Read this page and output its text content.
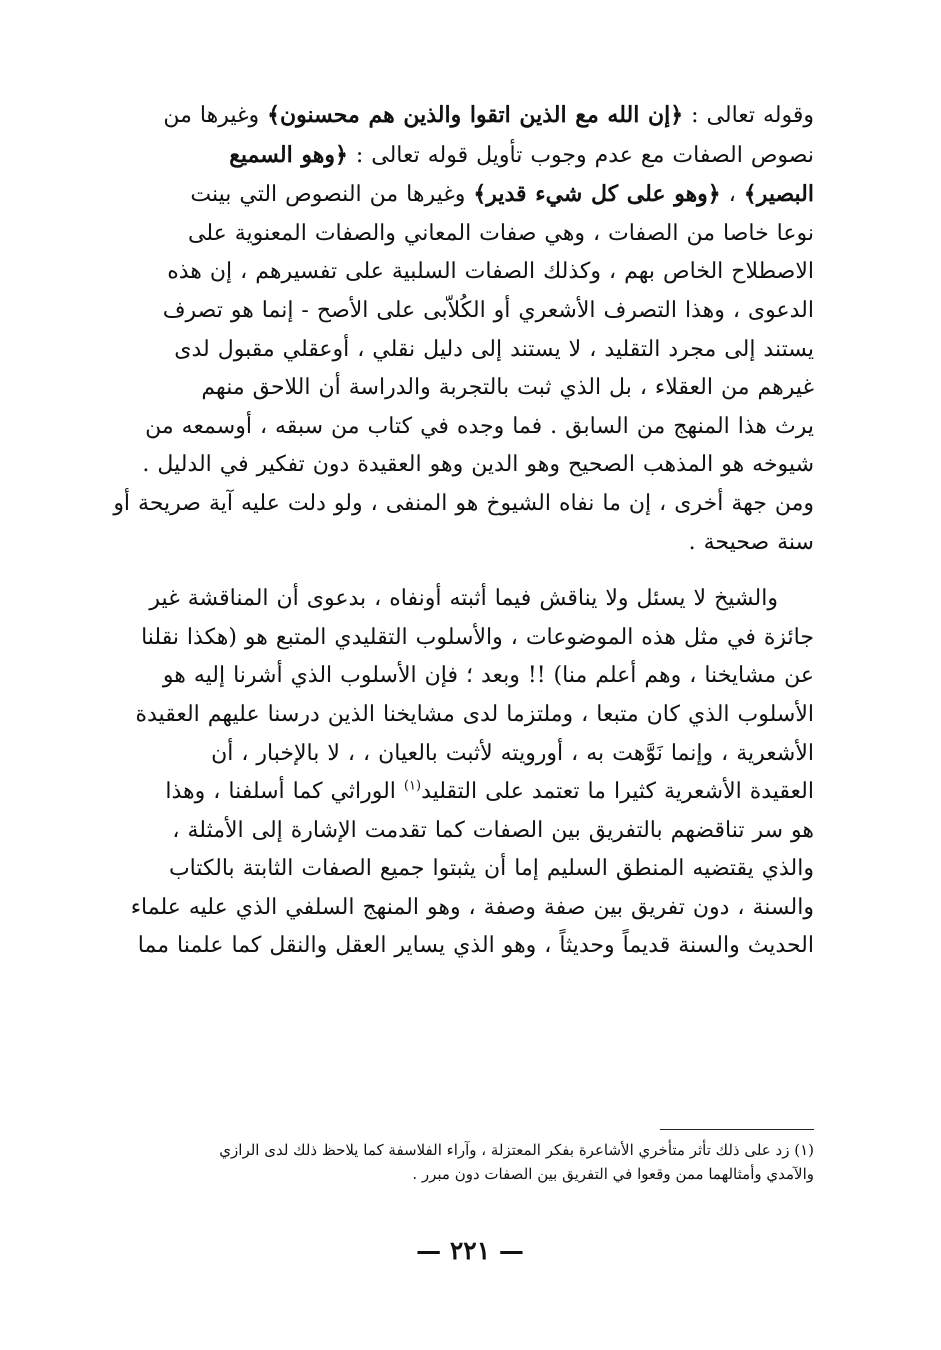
وقوله تعالى : ﴿إن الله مع الذين اتقوا والذين هم محسنون﴾ وغيرها من
نصوص الصفات مع عدم وجوب تأويل قوله تعالى : ﴿وهو السميع
البصير﴾ ، ﴿وهو على كل شيء قدير﴾ وغيرها من النصوص التي بينت
نوعا خاصا من الصفات ، وهي صفات المعاني والصفات المعنوية على
الاصطلاح الخاص بهم ، وكذلك الصفات السلبية على تفسيرهم ، إن هذه
الدعوى ، وهذا التصرف الأشعري أو الكُلاّبى على الأصح - إنما هو تصرف
يستند إلى مجرد التقليد ، لا يستند إلى دليل نقلي ، أوعقلي مقبول لدى
غيرهم من العقلاء ، بل الذي ثبت بالتجربة والدراسة أن اللاحق منهم
يرث هذا المنهج من السابق . فما وجده في كتاب من سبقه ، أوسمعه من
شيوخه هو المذهب الصحيح وهو الدين وهو العقيدة دون تفكير في الدليل .
ومن جهة أخرى ، إن ما نفاه الشيوخ هو المنفى ، ولو دلت عليه آية صريحة أو
سنة صحيحة .

والشيخ لا يسئل ولا يناقش فيما أثبته أونفاه ، بدعوى أن المناقشة غير
جائزة في مثل هذه الموضوعات ، والأسلوب التقليدي المتبع هو (هكذا نقلنا
عن مشايخنا ، وهم أعلم منا) !! وبعد ؛ فإن الأسلوب الذي أشرنا إليه هو
الأسلوب الذي كان متبعا ، وملتزما لدى مشايخنا الذين درسنا عليهم العقيدة
الأشعرية ، وإنما نَوَّهت به ، أورويته لأثبت بالعيان ، ، لا بالإخبار ، أن
العقيدة الأشعرية كثيرا ما تعتمد على التقليد$^{(١)}$ الوراثي كما أسلفنا ، وهذا
هو سر تناقضهم بالتفريق بين الصفات كما تقدمت الإشارة إلى الأمثلة ،
والذي يقتضيه المنطق السليم إما أن يثبتوا جميع الصفات الثابتة بالكتاب
والسنة ، دون تفريق بين صفة وصفة ، وهو المنهج السلفي الذي عليه علماء
الحديث والسنة قديماً وحديثاً ، وهو الذي يساير العقل والنقل كما علمنا مما

(١) زد على ذلك تأثر متأخري الأشاعرة بفكر المعتزلة ، وآراء الفلاسفة كما يلاحظ ذلك لدى الرازي
والآمدي وأمثالهما ممن وقعوا في التفريق بين الصفات دون مبرر .
— ٢٢١ —
